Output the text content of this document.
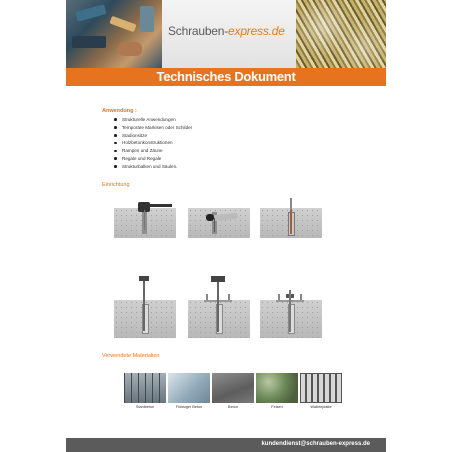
Schrauben-express.de
Technisches Dokument
Anwendung :
Strukturelle Anwendungen
Temporäre Markisen oder Schilder
Stadionsitze
Holzbetonkonstruktionen
Rampen und Zäune
Regale und Regale
Strukturbalken und Säulen.
Einrichtung
Verwendete Materialien
Stahlbeton	Flüssiger Beton	Beton	Felsen	Wabenplatte
kundendienst@schrauben-express.de
